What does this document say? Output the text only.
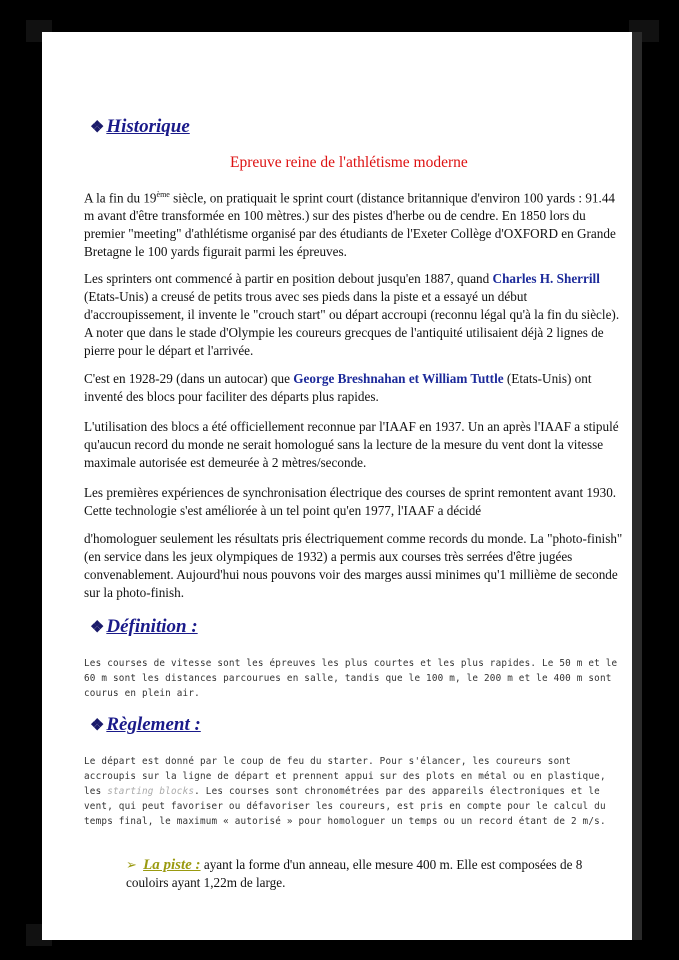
❖ Historique
Epreuve reine de l'athlétisme moderne

A la fin du 19ème siècle, on pratiquait le sprint court (distance britannique d'environ 100 yards : 91.44 m avant d'être transformée en 100 mètres.) sur des pistes d'herbe ou de cendre. En 1850 lors du premier "meeting" d'athlétisme organisé par des étudiants de l'Exeter Collège d'OXFORD en Grande Bretagne le 100 yards figurait parmi les épreuves.

Les sprinters ont commencé à partir en position debout jusqu'en 1887, quand Charles H. Sherrill (Etats-Unis) a creusé de petits trous avec ses pieds dans la piste et a essayé un début d'accroupissement, il invente le "crouch start" ou départ accroupi (reconnu légal qu'à la fin du siècle). A noter que dans le stade d'Olympie les coureurs grecques de l'antiquité utilisaient déjà 2 lignes de pierre pour le départ et l'arrivée.

C'est en 1928-29 (dans un autocar) que George Breshnahan et William Tuttle (Etats-Unis) ont inventé des blocs pour faciliter des départs plus rapides.

L'utilisation des blocs a été officiellement reconnue par l'IAAF en 1937. Un an après l'IAAF a stipulé qu'aucun record du monde ne serait homologué sans la lecture de la mesure du vent dont la vitesse maximale autorisée est demeurée à 2 mètres/seconde.

Les premières expériences de synchronisation électrique des courses de sprint remontent avant 1930. Cette technologie s'est améliorée à un tel point qu'en 1977, l'IAAF a décidé

d'homologuer seulement les résultats pris électriquement comme records du monde. La "photo-finish" (en service dans les jeux olympiques de 1932) a permis aux courses très serrées d'être jugées convenablement. Aujourd'hui nous pouvons voir des marges aussi minimes qu'1 millième de seconde sur la photo-finish.

❖ Définition :

Les courses de vitesse sont les épreuves les plus courtes et les plus rapides. Le 50 m et le 60 m sont les distances parcourues en salle, tandis que le 100 m, le 200 m et le 400 m sont courus en plein air.

❖ Règlement :

Le départ est donné par le coup de feu du starter. Pour s'élancer, les coureurs sont accroupis sur la ligne de départ et prennent appui sur des plots en métal ou en plastique, les starting blocks. Les courses sont chronométrées par des appareils électroniques et le vent, qui peut favoriser ou défavoriser les coureurs, est pris en compte pour le calcul du temps final, le maximum « autorisé » pour homologuer un temps ou un record étant de 2 m/s.

➢ La piste : ayant la forme d'un anneau, elle mesure 400 m. Elle est composées de 8 couloirs ayant 1,22m de large.
